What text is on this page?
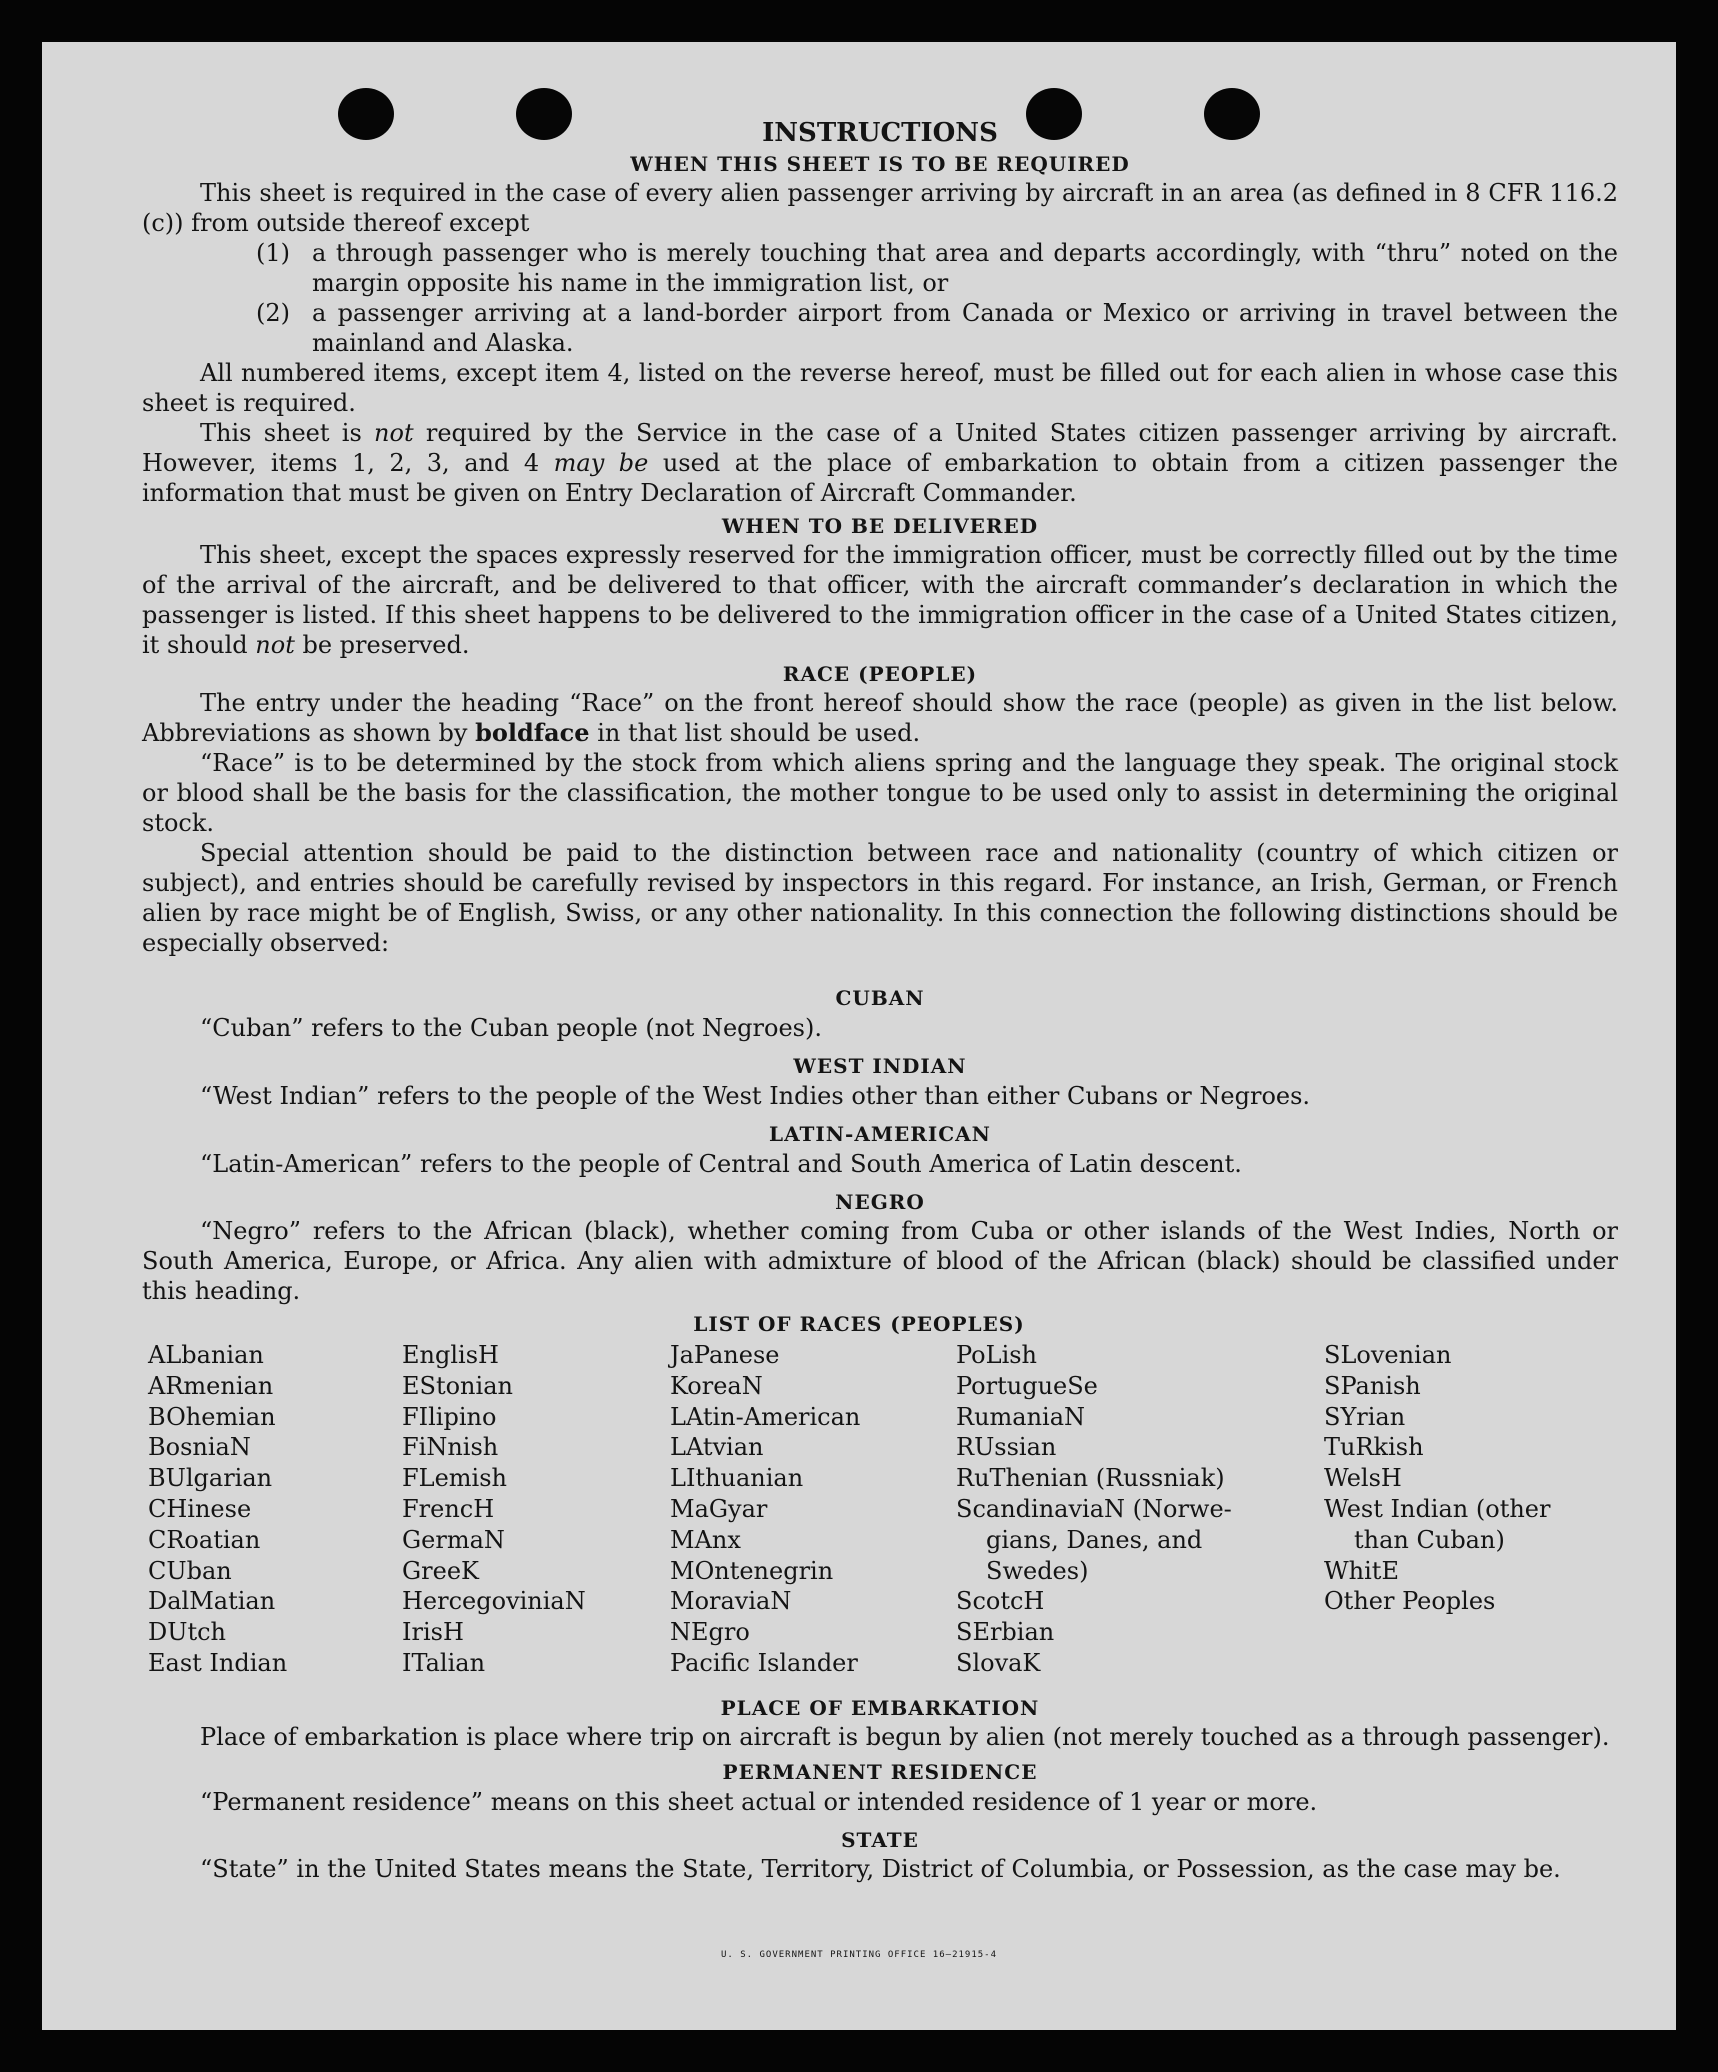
INSTRUCTIONS
WHEN THIS SHEET IS TO BE REQUIRED

This sheet is required in the case of every alien passenger arriving by aircraft in an area (as defined in 8 CFR 116.2 (c)) from outside thereof except

(1) a through passenger who is merely touching that area and departs accordingly, with “thru” noted on the margin opposite his name in the immigration list, or
(2) a passenger arriving at a land-border airport from Canada or Mexico or arriving in travel between the mainland and Alaska.

All numbered items, except item 4, listed on the reverse hereof, must be filled out for each alien in whose case this sheet is required.

This sheet is not required by the Service in the case of a United States citizen passenger arriving by aircraft. However, items 1, 2, 3, and 4 may be used at the place of embarkation to obtain from a citizen passenger the information that must be given on Entry Declaration of Aircraft Commander.

WHEN TO BE DELIVERED

This sheet, except the spaces expressly reserved for the immigration officer, must be correctly filled out by the time of the arrival of the aircraft, and be delivered to that officer, with the aircraft commander’s declaration in which the passenger is listed. If this sheet happens to be delivered to the immigration officer in the case of a United States citizen, it should not be preserved.

RACE (PEOPLE)

The entry under the heading “Race” on the front hereof should show the race (people) as given in the list below. Abbreviations as shown by boldface in that list should be used.

“Race” is to be determined by the stock from which aliens spring and the language they speak. The original stock or blood shall be the basis for the classification, the mother tongue to be used only to assist in determining the original stock.

Special attention should be paid to the distinction between race and nationality (country of which citizen or subject), and entries should be carefully revised by inspectors in this regard. For instance, an Irish, German, or French alien by race might be of English, Swiss, or any other nationality. In this connection the following distinctions should be especially observed:

CUBAN

“Cuban” refers to the Cuban people (not Negroes).

WEST INDIAN

“West Indian” refers to the people of the West Indies other than either Cubans or Negroes.

LATIN-AMERICAN

“Latin-American” refers to the people of Central and South America of Latin descent.

NEGRO

“Negro” refers to the African (black), whether coming from Cuba or other islands of the West Indies, North or South America, Europe, or Africa. Any alien with admixture of blood of the African (black) should be classified under this heading.

LIST OF RACES (PEOPLES)
ALbanian
ARmenian
BOhemian
BosniaN
BUlgarian
CHinese
CRoatian
CUban
DalMatian
DUtch
East Indian
EnglisH
EStonian
FIlipino
FiNnish
FLemish
FrencH
GermaN
GreeK
HercegoviniaN
IrisH
ITalian
JaPanese
KoreaN
LAtin-American
LAtvian
LIthuanian
MaGyar
MAnx
MOntenegrin
MoraviaN
NEgro
Pacific Islander
PoLish
PortugueSe
RumaniaN
RUssian
RuThenian (Russniak)
ScandinaviaN (Norwe-
gians, Danes, and
Swedes)
ScotcH
SErbian
SlovaK
SLovenian
SPanish
SYrian
TuRkish
WelsH
West Indian (other
than Cuban)
WhitE
Other Peoples
PLACE OF EMBARKATION

Place of embarkation is place where trip on aircraft is begun by alien (not merely touched as a through passenger).

PERMANENT RESIDENCE

“Permanent residence” means on this sheet actual or intended residence of 1 year or more.

STATE

“State” in the United States means the State, Territory, District of Columbia, or Possession, as the case may be.

U. S. GOVERNMENT PRINTING OFFICE 16—21915-4
